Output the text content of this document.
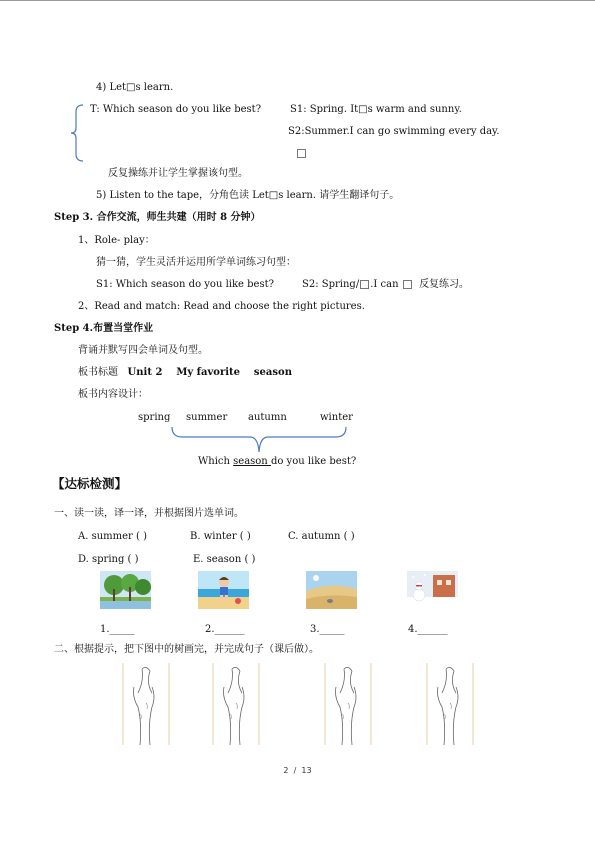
4) Let□s learn.
T: Which season do you like best?	S1: Spring. It□s warm and sunny.
S2:Summer.I can go swimming every day.
反复操练并让学生掌握该句型。
5) Listen to the tape，分角色读 Let□s learn. 请学生翻译句子。
Step 3. 合作交流，师生共建（用时 8 分钟）
1、Role- play：
猜一猜，学生灵活并运用所学单词练习句型：
S1: Which season do you like best?	S2: Spring/ .I can 反复练习。
2、Read and match: Read and choose the right pictures.
Step 4.布置当堂作业
背诵并默写四会单词及句型。
板书标题 Unit 2    My favorite    season
板书内容设计：
spring summer autumn	winter
Which season do you like best?
【达标检测】
一、读一读，译一译，并根据图片选单词。
A. summer ( )	B. winter ( )	C. autumn ( )
D. spring ( )	E. season ( )
1._____	2.______	3._____	4.______
二、根据提示，把下图中的树画完，并完成句子（课后做）。
2  /  13
